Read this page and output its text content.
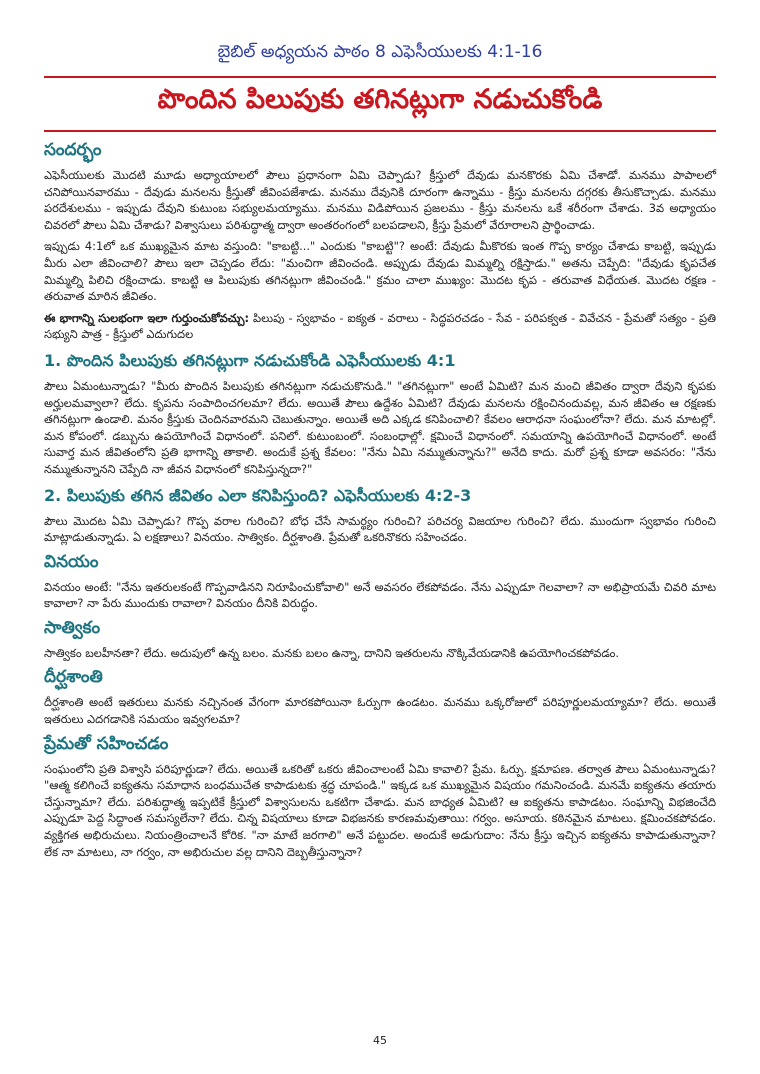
బైబిల్ అధ్యయన పాఠం 8 ఎఫెసీయులకు 4:1-16
పొందిన పిలుపుకు తగినట్లుగా నడుచుకోండి
సందర్భం

ఎఫెసీయులకు మొదటి మూడు అధ్యాయాలలో పౌలు ప్రధానంగా ఏమి చెప్పాడు? క్రీస్తులో దేవుడు మనకొరకు ఏమి చేశాడో. మనము పాపాలలో చనిపోయినవారము - దేవుడు మనలను క్రీస్తుతో జీవింపజేశాడు. మనము దేవునికి దూరంగా ఉన్నాము - క్రీస్తు మనలను దగ్గరకు తీసుకొచ్చాడు. మనము పరదేశులము - ఇప్పుడు దేవుని కుటుంబ సభ్యులమయ్యాము. మనము విడిపోయిన ప్రజలము - క్రీస్తు మనలను ఒకే శరీరంగా చేశాడు. 3వ అధ్యాయం చివరలో పౌలు ఏమి చేశాడు? విశ్వాసులు పరిశుద్ధాత్మ ద్వారా అంతరంగంలో బలపడాలని, క్రీస్తు ప్రేమలో వేరూరాలని ప్రార్థించాడు.

ఇప్పుడు 4:1లో ఒక ముఖ్యమైన మాట వస్తుంది: "కాబట్టి..." ఎందుకు "కాబట్టి"? అంటే: దేవుడు మీకొరకు ఇంత గొప్ప కార్యం చేశాడు కాబట్టి, ఇప్పుడు మీరు ఎలా జీవించాలి? పౌలు ఇలా చెప్పడం లేదు: "మంచిగా జీవించండి. అప్పుడు దేవుడు మిమ్మల్ని రక్షిస్తాడు." అతను చెప్పేది: "దేవుడు కృపచేత మిమ్మల్ని పిలిచి రక్షించాడు. కాబట్టి ఆ పిలుపుకు తగినట్లుగా జీవించండి." క్రమం చాలా ముఖ్యం: మొదట కృప - తరువాత విధేయత. మొదట రక్షణ - తరువాత మారిన జీవితం.

ఈ భాగాన్ని సులభంగా ఇలా గుర్తుంచుకోవచ్చు: పిలుపు - స్వభావం - ఐక్యత - వరాలు - సిద్ధపరచడం - సేవ - పరిపక్వత - వివేచన - ప్రేమతో సత్యం - ప్రతి సభ్యుని పాత్ర - క్రీస్తులో ఎదుగుదల

1. పొందిన పిలుపుకు తగినట్లుగా నడుచుకోండి ఎఫెసీయులకు 4:1

పౌలు ఏమంటున్నాడు? "మీరు పొందిన పిలుపుకు తగినట్లుగా నడుచుకొనుడి." "తగినట్లుగా" అంటే ఏమిటి? మన మంచి జీవితం ద్వారా దేవుని కృపకు అర్హులమవ్వాలా? లేదు. కృపను సంపాదించగలమా? లేదు. అయితే పౌలు ఉద్దేశం ఏమిటి? దేవుడు మనలను రక్షించినందువల్ల, మన జీవితం ఆ రక్షణకు తగినట్లుగా ఉండాలి. మనం క్రీస్తుకు చెందినవారమని చెబుతున్నాం. అయితే అది ఎక్కడ కనిపించాలి? కేవలం ఆరాధనా సంఘంలోనా? లేదు. మన మాటల్లో. మన కోపంలో. డబ్బును ఉపయోగించే విధానంలో. పనిలో. కుటుంబంలో. సంబంధాల్లో. క్షమించే విధానంలో. సమయాన్ని ఉపయోగించే విధానంలో. అంటే సువార్త మన జీవితంలోని ప్రతి భాగాన్ని తాకాలి. అందుకే ప్రశ్న కేవలం: "నేను ఏమి నమ్ముతున్నాను?" అనేది కాదు. మరో ప్రశ్న కూడా అవసరం: "నేను నమ్ముతున్నానని చెప్పేది నా జీవన విధానంలో కనిపిస్తున్నదా?"

2. పిలుపుకు తగిన జీవితం ఎలా కనిపిస్తుంది? ఎఫెసీయులకు 4:2-3

పౌలు మొదట ఏమి చెప్పాడు? గొప్ప వరాల గురించి? బోధ చేసే సామర్థ్యం గురించి? పరిచర్య విజయాల గురించి? లేదు. ముందుగా స్వభావం గురించి మాట్లాడుతున్నాడు. ఏ లక్షణాలు? వినయం. సాత్వికం. దీర్ఘశాంతి. ప్రేమతో ఒకరినొకరు సహించడం.

వినయం

వినయం అంటే: "నేను ఇతరులకంటే గొప్పవాడినని నిరూపించుకోవాలి" అనే అవసరం లేకపోవడం. నేను ఎప్పుడూ గెలవాలా? నా అభిప్రాయమే చివరి మాట కావాలా? నా పేరు ముందుకు రావాలా? వినయం దీనికి విరుద్ధం.

సాత్వికం

సాత్వికం బలహీనతా? లేదు. అదుపులో ఉన్న బలం. మనకు బలం ఉన్నా, దానిని ఇతరులను నొక్కివేయడానికి ఉపయోగించకపోవడం.

దీర్ఘశాంతి

దీర్ఘశాంతి అంటే ఇతరులు మనకు నచ్చినంత వేగంగా మారకపోయినా ఓర్పుగా ఉండటం. మనము ఒక్కరోజులో పరిపూర్ణులమయ్యామా? లేదు. అయితే ఇతరులు ఎదగడానికి సమయం ఇవ్వగలమా?

ప్రేమతో సహించడం

సంఘంలోని ప్రతి విశ్వాసి పరిపూర్ణుడా? లేదు. అయితే ఒకరితో ఒకరు జీవించాలంటే ఏమి కావాలి? ప్రేమ. ఓర్పు. క్షమాపణ. తర్వాత పౌలు ఏమంటున్నాడు? "ఆత్మ కలిగించే ఐక్యతను సమాధాన బంధముచేత కాపాడుటకు శ్రద్ధ చూపండి." ఇక్కడ ఒక ముఖ్యమైన విషయం గమనించండి. మనమే ఐక్యతను తయారు చేస్తున్నామా? లేదు. పరిశుద్ధాత్మ ఇప్పటికే క్రీస్తులో విశ్వాసులను ఒకటిగా చేశాడు. మన బాధ్యత ఏమిటి? ఆ ఐక్యతను కాపాడటం. సంఘాన్ని విభజించేది ఎప్పుడూ పెద్ద సిద్ధాంత సమస్యలేనా? లేదు. చిన్న విషయాలు కూడా విభజనకు కారణమవుతాయి: గర్వం. అసూయ. కఠినమైన మాటలు. క్షమించకపోవడం. వ్యక్తిగత అభిరుచులు. నియంత్రించాలనే కోరిక. "నా మాటే జరగాలి" అనే పట్టుదల. అందుకే అడుగుదాం: నేను క్రీస్తు ఇచ్చిన ఐక్యతను కాపాడుతున్నానా? లేక నా మాటలు, నా గర్వం, నా అభిరుచుల వల్ల దానిని దెబ్బతీస్తున్నానా?

45
